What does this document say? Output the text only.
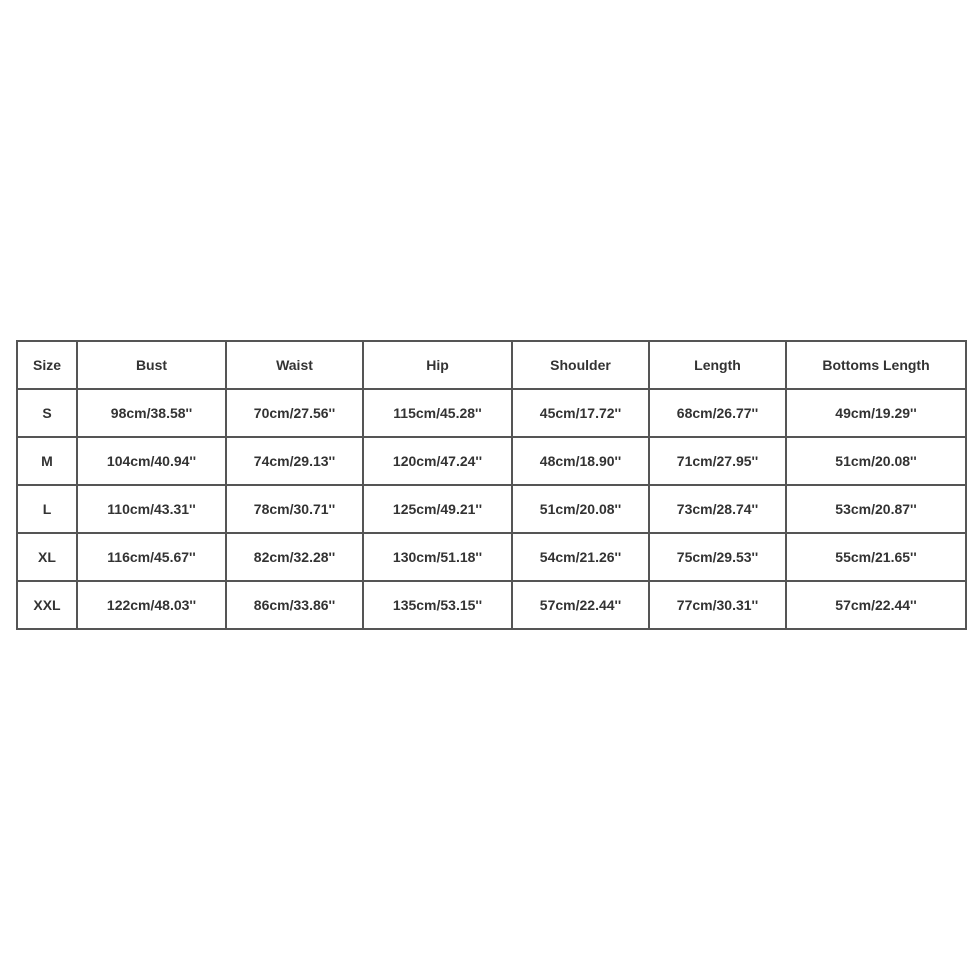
Size	Bust	Waist	Hip	Shoulder	Length	Bottoms Length
S	98cm/38.58''	70cm/27.56''	115cm/45.28''	45cm/17.72''	68cm/26.77''	49cm/19.29''
M	104cm/40.94''	74cm/29.13''	120cm/47.24''	48cm/18.90''	71cm/27.95''	51cm/20.08''
L	110cm/43.31''	78cm/30.71''	125cm/49.21''	51cm/20.08''	73cm/28.74''	53cm/20.87''
XL	116cm/45.67''	82cm/32.28''	130cm/51.18''	54cm/21.26''	75cm/29.53''	55cm/21.65''
XXL	122cm/48.03''	86cm/33.86''	135cm/53.15''	57cm/22.44''	77cm/30.31''	57cm/22.44''
